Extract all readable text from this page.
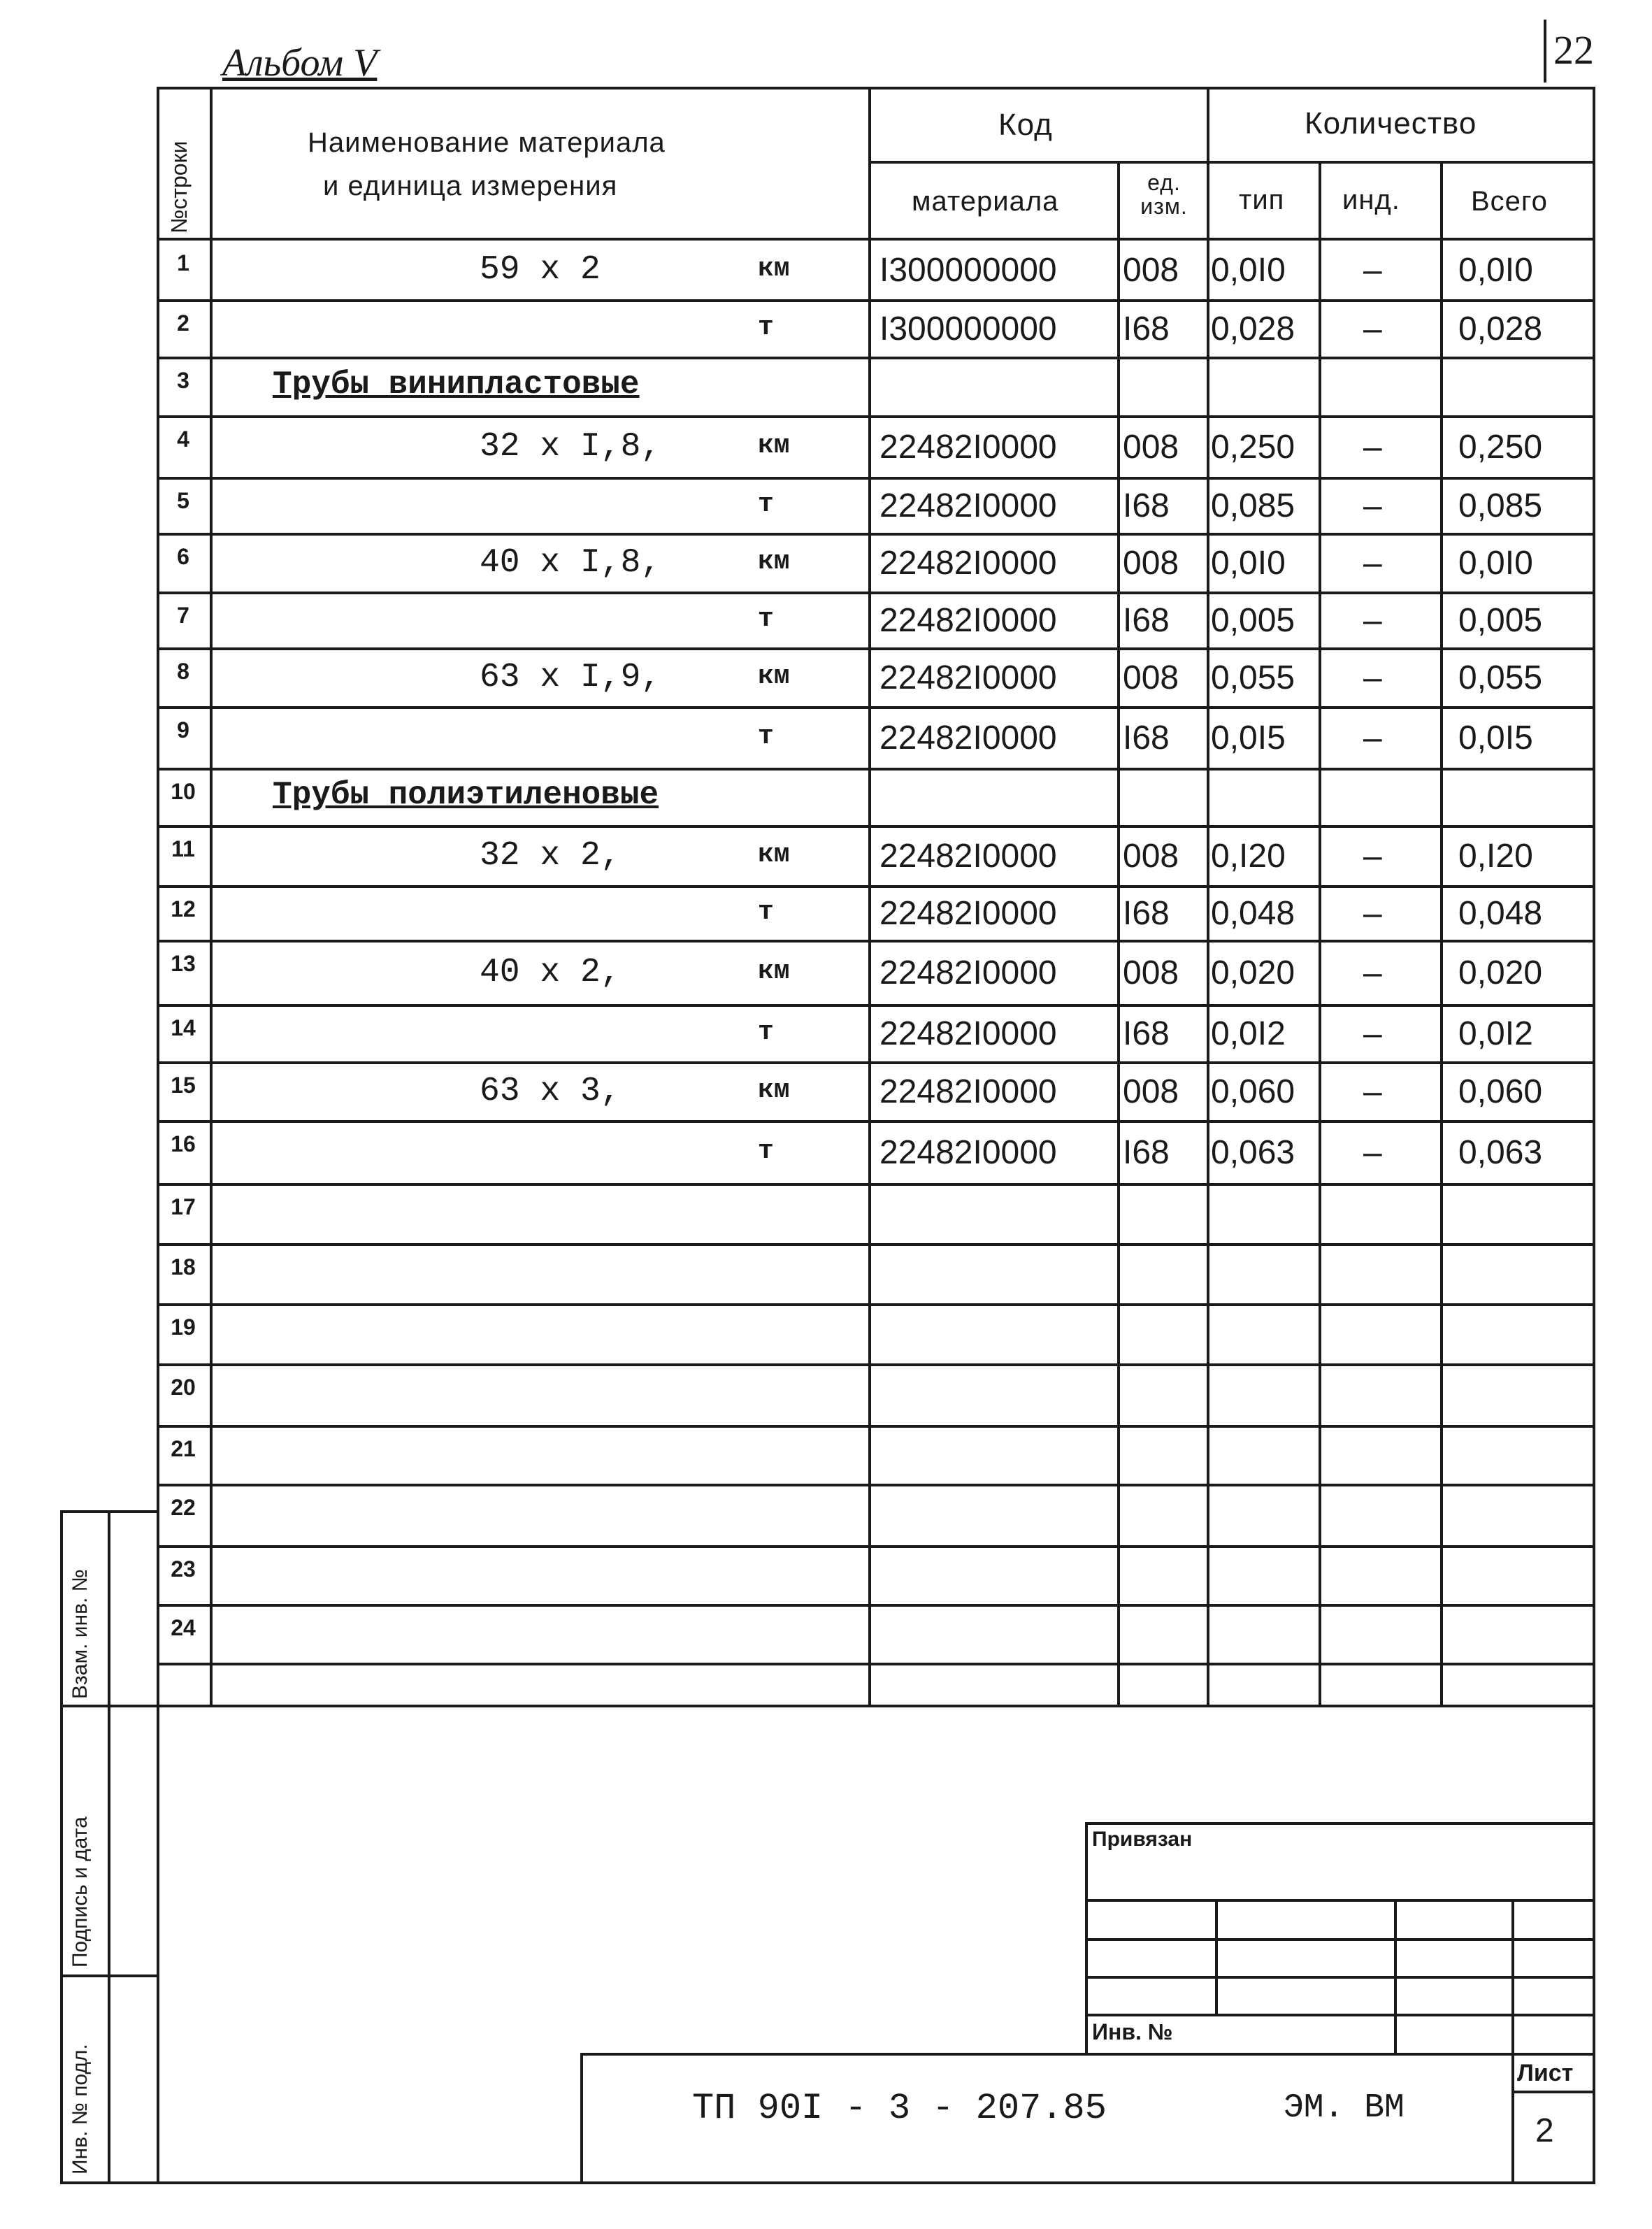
Альбом V	22
№строки	Наименование материала
и единица измерения
Код	Количество
материала
ед. изм.	тип инд.	Всего
1	59 x 2	км	I300000000 008 0,0I0 – 0,0I0
2	т	I300000000 I68 0,028 – 0,028
3	Трубы винипластовые
4	32 x I,8,	км	22482I0000 008 0,250 – 0,250
5	т	22482I0000 I68 0,085 – 0,085
6	40 x I,8,	км	22482I0000 008 0,0I0 – 0,0I0
7	т	22482I0000 I68 0,005 – 0,005
8	63 x I,9,	км	22482I0000 008 0,055 – 0,055
9	т	22482I0000 I68 0,0I5 – 0,0I5
10	Трубы полиэтиленовые
11	32 x 2,	км	22482I0000 008 0,I20 – 0,I20
12	т	22482I0000 I68 0,048 – 0,048
13	40 x 2,	км	22482I0000 008 0,020 – 0,020
14	т	22482I0000 I68 0,0I2 – 0,0I2
15	63 x 3,	км	22482I0000 008 0,060 – 0,060
16	т	22482I0000 I68 0,063 – 0,063
17
18
19
20
21
22
23
24
Взам. инв. №
Подпись и дата
Инв. № подл.
Привязан
Инв. №
ТП 90I - 3 - 207.85	ЭМ. ВМ
Лист
2
